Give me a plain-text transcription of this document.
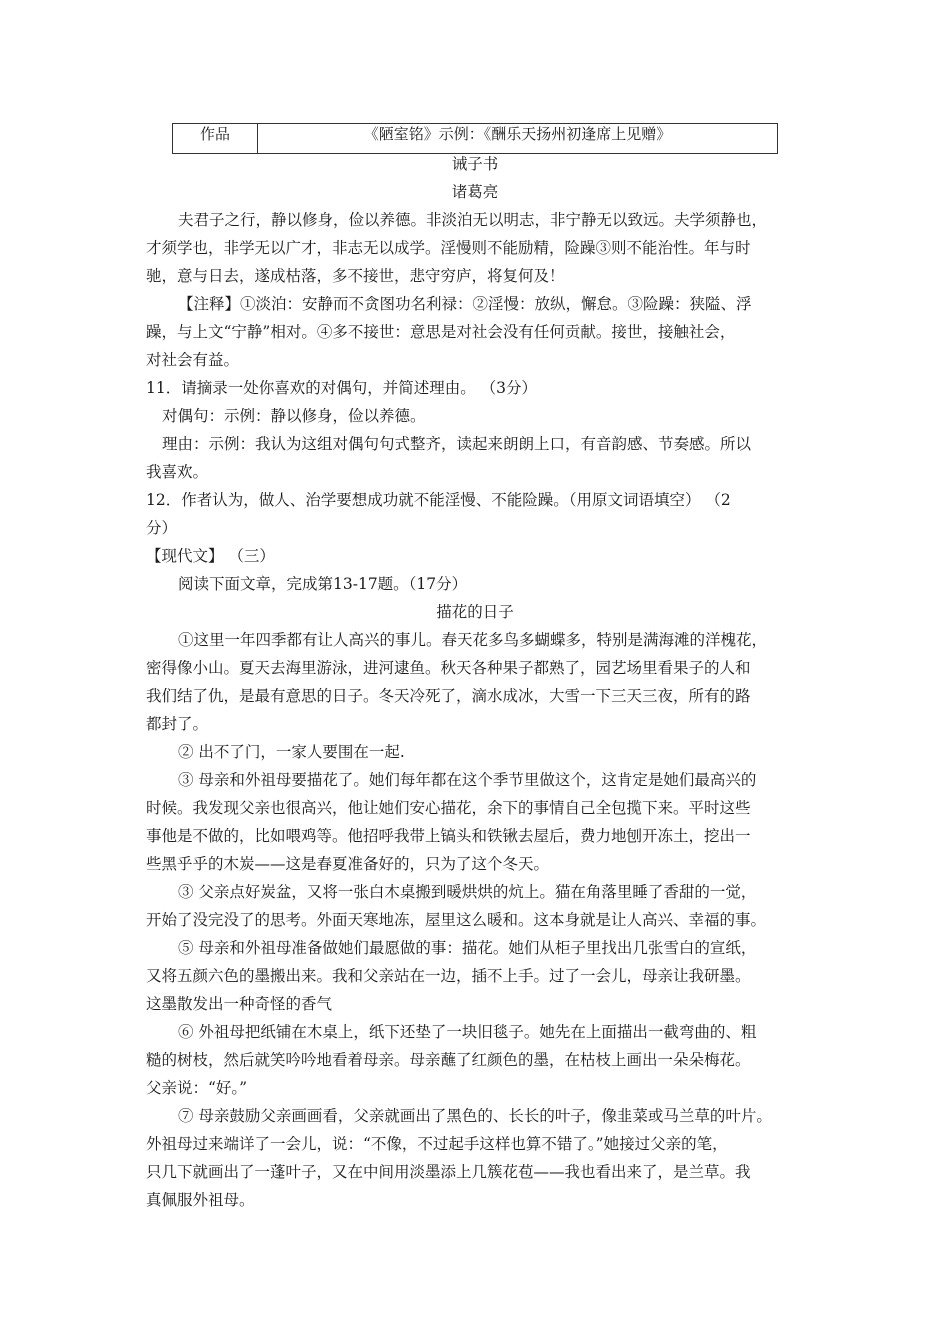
作品	《陋室铭》示例：《酬乐天扬州初逢席上见赠》
诫子书
诸葛亮
夫君子之行，静以修身，俭以养德。非淡泊无以明志，非宁静无以致远。夫学须静也，
才须学也，非学无以广才，非志无以成学。淫慢则不能励精，险躁③则不能治性。年与时
驰，意与日去，遂成枯落，多不接世，悲守穷庐，将复何及！
【注释】①淡泊：安静而不贪图功名利禄：②淫慢：放纵，懈怠。③险躁：狭隘、浮
躁，与上文“宁静”相对。④多不接世：意思是对社会没有任何贡献。接世，接触社会，
对社会有益。
11．请摘录一处你喜欢的对偶句，并简述理由。 （3分）
对偶句：示例：静以修身，俭以养德。
理由：示例：我认为这组对偶句句式整齐，读起来朗朗上口，有音韵感、节奏感。所以
我喜欢。
12．作者认为，做人、治学要想成功就不能淫慢、不能险躁。（用原文词语填空） （2
分）
【现代文】 （三）
阅读下面文章，完成第13-17题。（17分）
描花的日子
①这里一年四季都有让人高兴的事儿。春天花多鸟多蝴蝶多，特别是满海滩的洋槐花，
密得像小山。夏天去海里游泳，进河逮鱼。秋天各种果子都熟了，园艺场里看果子的人和
我们结了仇，是最有意思的日子。冬天冷死了，滴水成冰，大雪一下三天三夜，所有的路
都封了。
② 出不了门，一家人要围在一起.
③ 母亲和外祖母要描花了。她们每年都在这个季节里做这个，这肯定是她们最高兴的
时候。我发现父亲也很高兴，他让她们安心描花，余下的事情自己全包揽下来。平时这些
事他是不做的，比如喂鸡等。他招呼我带上镐头和铁锹去屋后，费力地刨开冻土，挖出一
些黑乎乎的木炭——这是春夏准备好的，只为了这个冬天。
③ 父亲点好炭盆，又将一张白木桌搬到暖烘烘的炕上。猫在角落里睡了香甜的一觉，
开始了没完没了的思考。外面天寒地冻，屋里这么暖和。这本身就是让人高兴、幸福的事。
⑤ 母亲和外祖母准备做她们最愿做的事：描花。她们从柜子里找出几张雪白的宣纸，
又将五颜六色的墨搬出来。我和父亲站在一边，插不上手。过了一会儿，母亲让我研墨。
这墨散发出一种奇怪的香气
⑥ 外祖母把纸铺在木桌上，纸下还垫了一块旧毯子。她先在上面描出一截弯曲的、粗
糙的树枝，然后就笑吟吟地看着母亲。母亲蘸了红颜色的墨，在枯枝上画出一朵朵梅花。
父亲说：“好。”
⑦ 母亲鼓励父亲画画看，父亲就画出了黑色的、长长的叶子，像韭菜或马兰草的叶片。
外祖母过来端详了一会儿，说：“不像，不过起手这样也算不错了。”她接过父亲的笔，
只几下就画出了一蓬叶子，又在中间用淡墨添上几簇花苞——我也看出来了，是兰草。我
真佩服外祖母。
